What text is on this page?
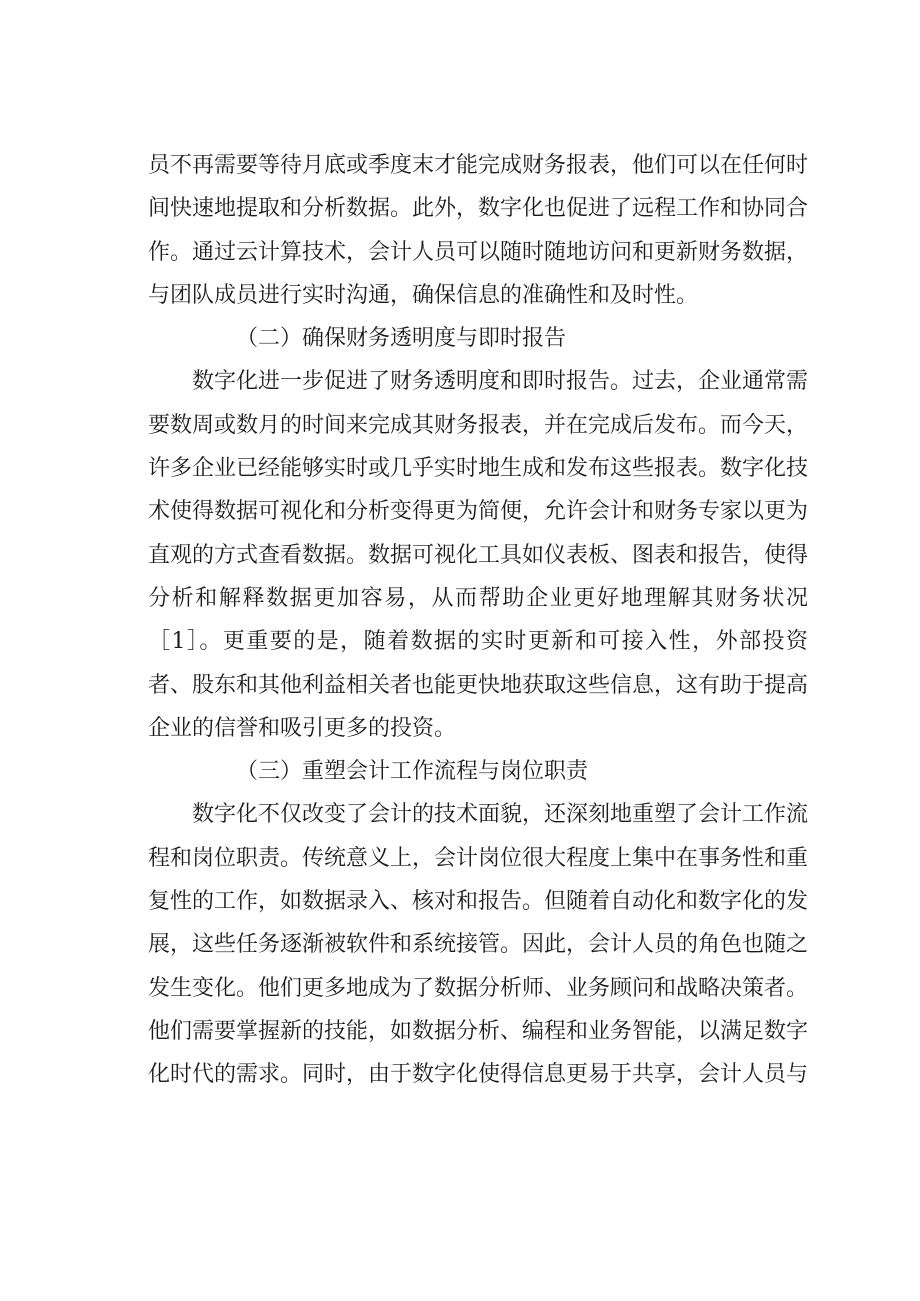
员不再需要等待月底或季度末才能完成财务报表，他们可以在任何时间快速地提取和分析数据。此外，数字化也促进了远程工作和协同合作。通过云计算技术，会计人员可以随时随地访问和更新财务数据，与团队成员进行实时沟通，确保信息的准确性和及时性。

（二）确保财务透明度与即时报告

数字化进一步促进了财务透明度和即时报告。过去，企业通常需要数周或数月的时间来完成其财务报表，并在完成后发布。而今天，许多企业已经能够实时或几乎实时地生成和发布这些报表。数字化技术使得数据可视化和分析变得更为简便，允许会计和财务专家以更为直观的方式查看数据。数据可视化工具如仪表板、图表和报告，使得分析和解释数据更加容易，从而帮助企业更好地理解其财务状况［1］。更重要的是，随着数据的实时更新和可接入性，外部投资者、股东和其他利益相关者也能更快地获取这些信息，这有助于提高企业的信誉和吸引更多的投资。

（三）重塑会计工作流程与岗位职责

数字化不仅改变了会计的技术面貌，还深刻地重塑了会计工作流程和岗位职责。传统意义上，会计岗位很大程度上集中在事务性和重复性的工作，如数据录入、核对和报告。但随着自动化和数字化的发展，这些任务逐渐被软件和系统接管。因此，会计人员的角色也随之发生变化。他们更多地成为了数据分析师、业务顾问和战略决策者。他们需要掌握新的技能，如数据分析、编程和业务智能，以满足数字化时代的需求。同时，由于数字化使得信息更易于共享，会计人员与
